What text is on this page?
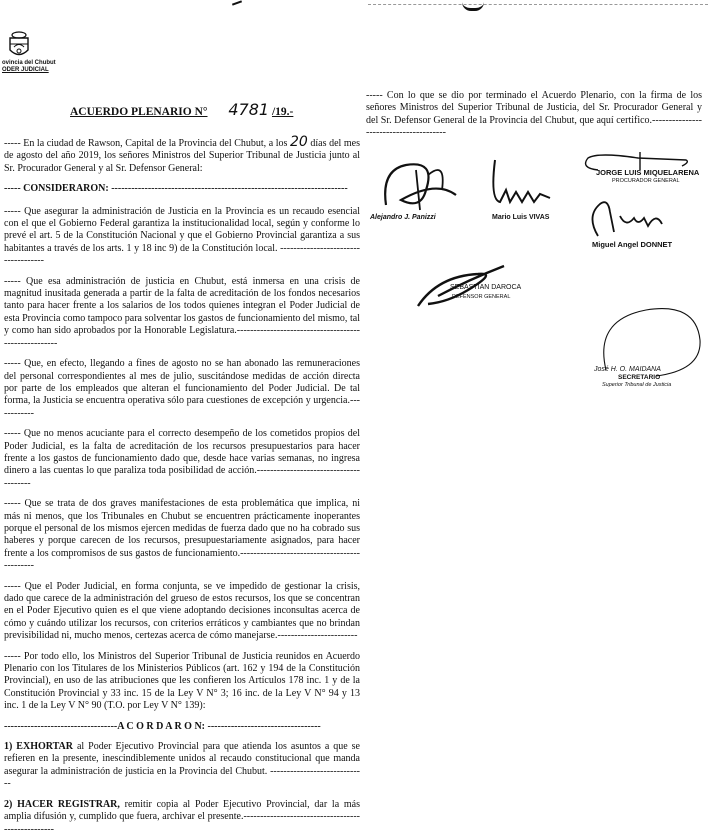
ovincia del Chubut
ODER JUDICIAL
ACUERDO PLENARIO N° 4781 /19.-

----- En la ciudad de Rawson, Capital de la Provincia del Chubut, a los 20 días del mes de agosto del año 2019, los señores Ministros del Superior Tribunal de Justicia junto al Sr. Procurador General y al Sr. Defensor General:

----- CONSIDERARON: -----------------------------------------------------------------------

----- Que asegurar la administración de Justicia en la Provincia es un recaudo esencial con el que el Gobierno Federal garantiza la institucionalidad local, según y conforme lo prevé el art. 5 de la Constitución Nacional y que el Gobierno Provincial garantiza a sus habitantes a través de los arts. 1 y 18 inc 9) de la Constitución local. ------------------------------------

----- Que esa administración de justicia en Chubut, está inmersa en una crisis de magnitud inusitada generada a partir de la falta de acreditación de los fondos necesarios tanto para hacer frente a los salarios de los todos quienes integran el Poder Judicial de esta Provincia como tampoco para solventar los gastos de funcionamiento del mismo, tal y como han sido aprobados por la Honorable Legislatura.-----------------------------------------------------

----- Que, en efecto, llegando a fines de agosto no se han abonado las remuneraciones del personal correspondientes al mes de julio, suscitándose medidas de acción directa por parte de los empleados que alteran el funcionamiento del Poder Judicial. De tal forma, la Justicia se encuentra operativa sólo para cuestiones de excepción y urgencia.------------

----- Que no menos acuciante para el correcto desempeño de los cometidos propios del Poder Judicial, es la falta de acreditación de los recursos presupuestarios para hacer frente a los gastos de funcionamiento dado que, desde hace varias semanas, no ingresa dinero a las cuentas lo que paraliza toda posibilidad de acción.---------------------------------------

----- Que se trata de dos graves manifestaciones de esta problemática que implica, ni más ni menos, que los Tribunales en Chubut se encuentren prácticamente inoperantes porque el personal de los mismos ejercen medidas de fuerza dado que no ha cobrado sus haberes y porque carecen de los recursos, presupuestariamente asignados, para hacer frente a los compromisos de sus gastos de funcionamiento.---------------------------------------------

----- Que el Poder Judicial, en forma conjunta, se ve impedido de gestionar la crisis, dado que carece de la administración del grueso de estos recursos, los que se concentran en el Poder Ejecutivo quien es el que viene adoptando decisiones inconsultas acerca de cómo y cuándo utilizar los recursos, con criterios erráticos y cambiantes que no brindan previsibilidad ni, mucho menos, certezas acerca de cómo manejarse.------------------------

----- Por todo ello, los Ministros del Superior Tribunal de Justicia reunidos en Acuerdo Plenario con los Titulares de los Ministerios Públicos (art. 162 y 194 de la Constitución Provincial), en uso de las atribuciones que les confieren los Artículos 178 inc. 1 y de la Constitución Provincial y 33 inc. 15 de la Ley V N° 3; 16 inc. de la Ley V N° 94 y 13 inc. 1 de la Ley V N° 90 (T.O. por Ley V N° 139):

----------------------------------A C O R D A R O N: ----------------------------------

1) EXHORTAR al Poder Ejecutivo Provincial para que atienda los asuntos a que se refieren en la presente, inescindiblemente unidos al recaudo constitucional que manda asegurar la administración de justicia en la Provincia del Chubut. -----------------------------

2) HACER REGISTRAR, remitir copia al Poder Ejecutivo Provincial, dar la más amplia difusión y, cumplido que fuera, archivar el presente.--------------------------------------------------

----- Con lo que se dio por terminado el Acuerdo Plenario, con la firma de los señores Ministros del Superior Tribunal de Justicia, del Sr. Procurador General y del Sr. Defensor General de la Provincia del Chubut, que aquí certifico.---------------------------------------

Alejandro J. Panizzi	Mario Luis VIVAS
JORGE LUIS MIQUELARENA
PROCURADOR GENERAL
Miguel Angel DONNET
SEBASTIAN DAROCA
DEFENSOR GENERAL
José H. O. MAIDANA
SECRETARIO
Superior Tribunal de Justicia
